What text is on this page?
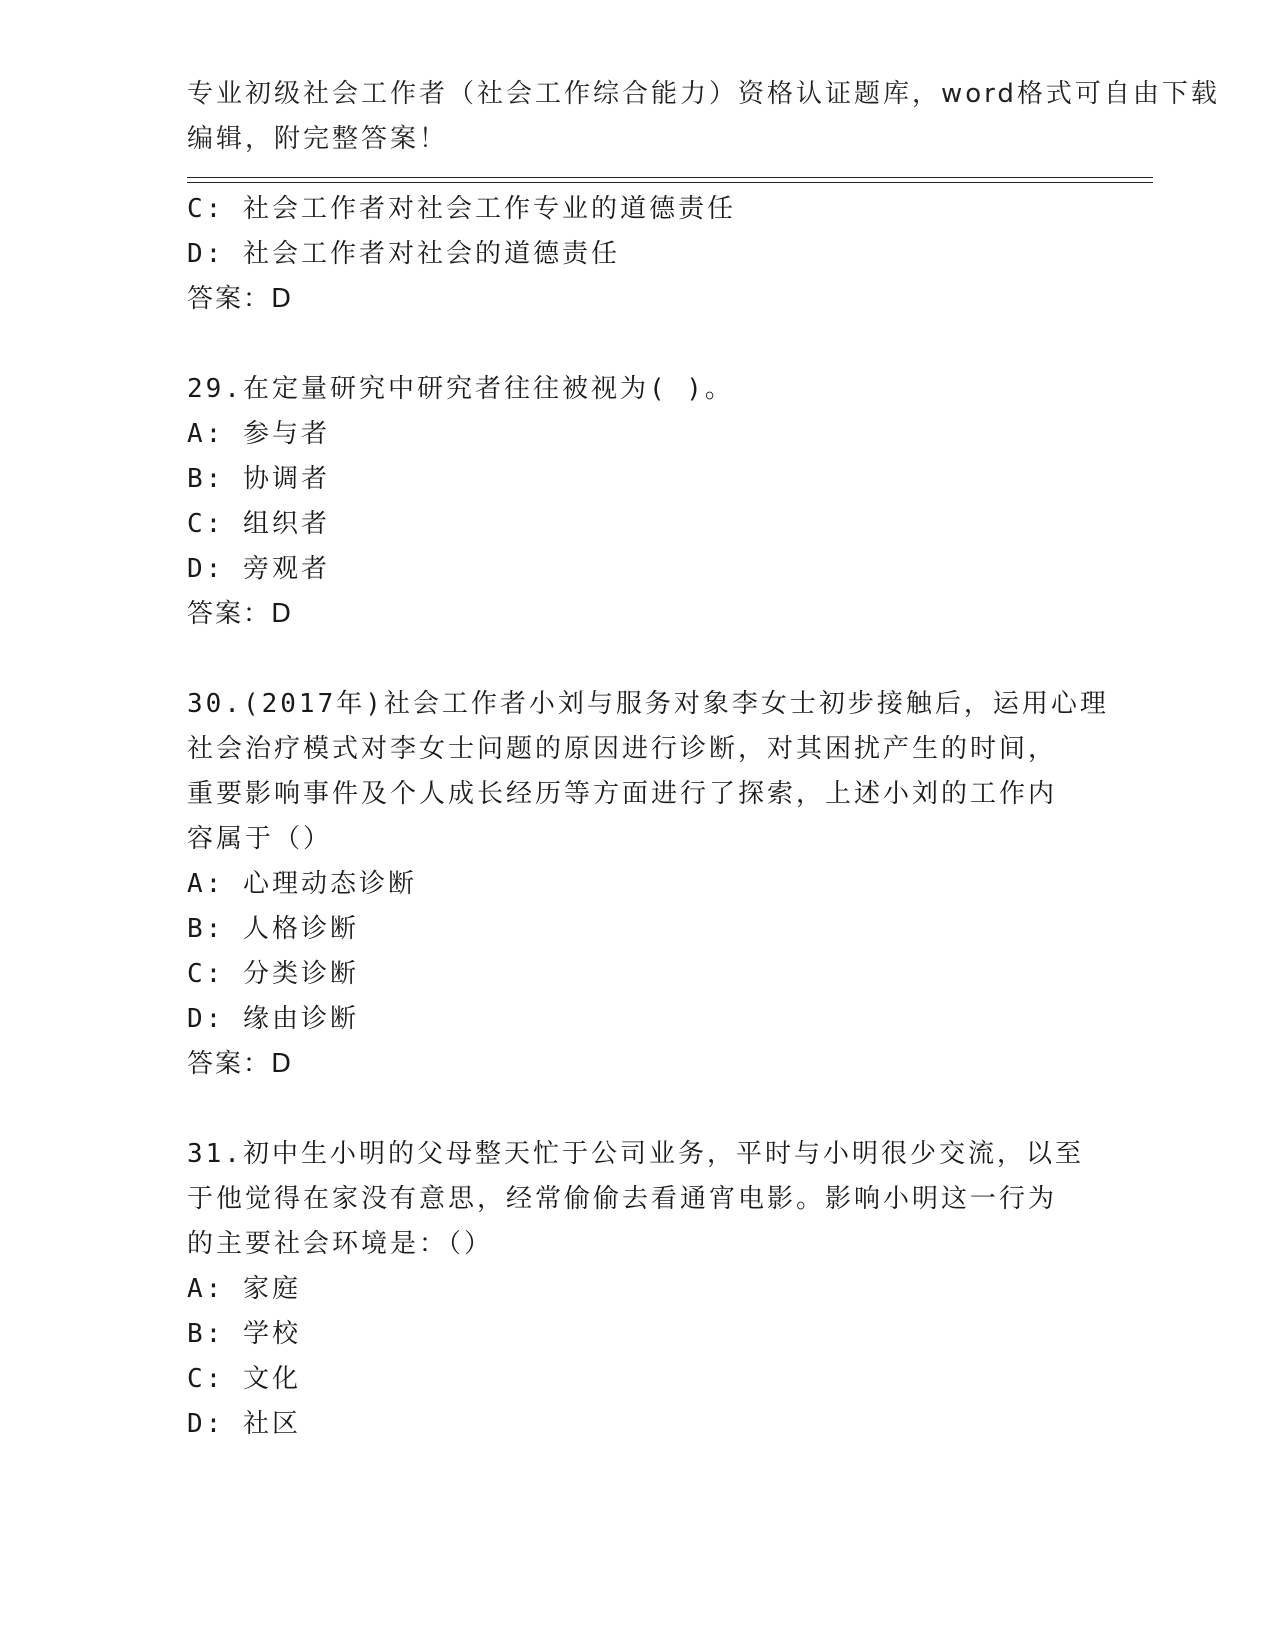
专业初级社会工作者（社会工作综合能力）资格认证题库，word格式可自由下载
编辑，附完整答案！
C: 社会工作者对社会工作专业的道德责任
D: 社会工作者对社会的道德责任
答案：D
29.在定量研究中研究者往往被视为( )。
A: 参与者
B: 协调者
C: 组织者
D: 旁观者
答案：D
30.(2017年)社会工作者小刘与服务对象李女士初步接触后，运用心理
社会治疗模式对李女士问题的原因进行诊断，对其困扰产生的时间，
重要影响事件及个人成长经历等方面进行了探索，上述小刘的工作内
容属于（）
A: 心理动态诊断
B: 人格诊断
C: 分类诊断
D: 缘由诊断
答案：D
31.初中生小明的父母整天忙于公司业务，平时与小明很少交流，以至
于他觉得在家没有意思，经常偷偷去看通宵电影。影响小明这一行为
的主要社会环境是：（）
A: 家庭
B: 学校
C: 文化
D: 社区
